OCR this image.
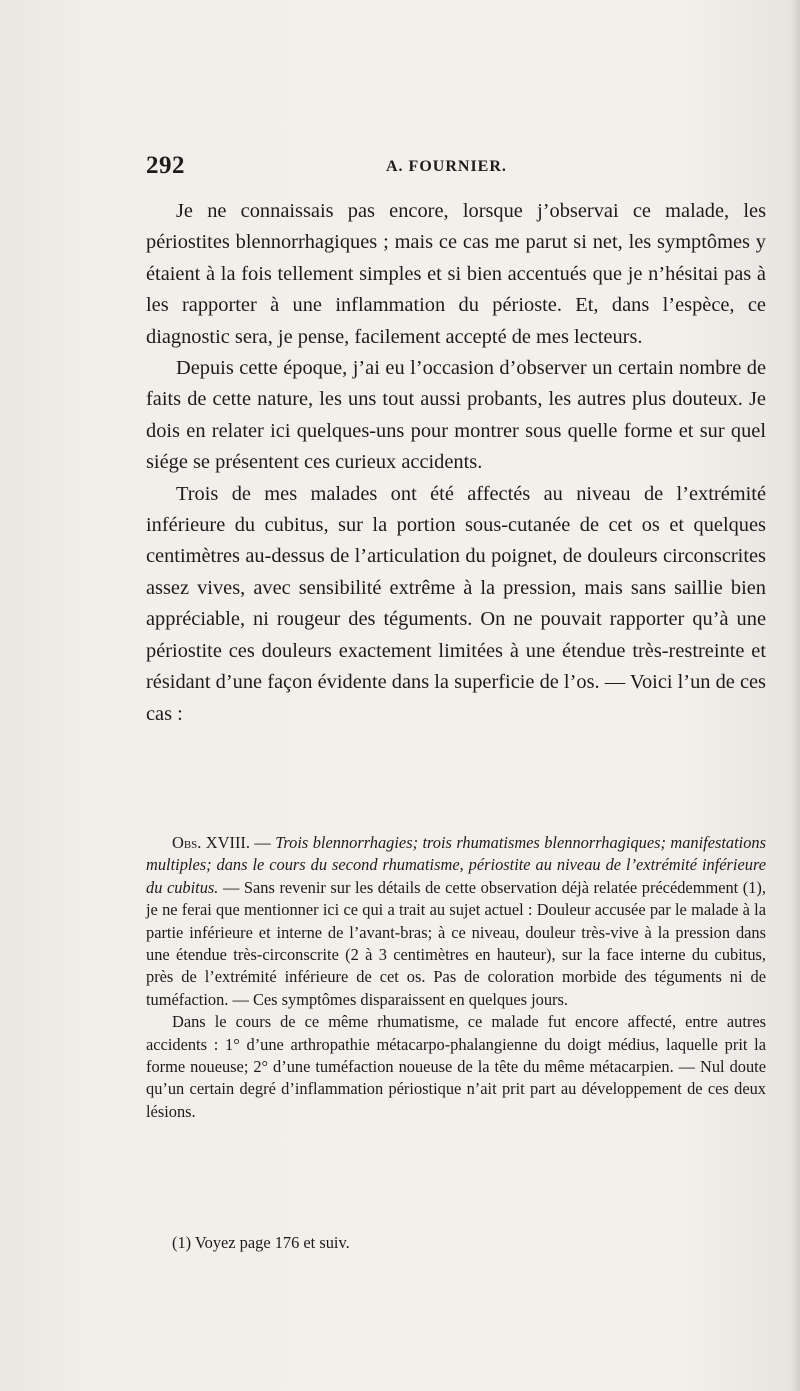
292	A. FOURNIER.

Je ne connaissais pas encore, lorsque j’observai ce malade, les périostites blennorrhagiques ; mais ce cas me parut si net, les symptômes y étaient à la fois tellement simples et si bien accentués que je n’hésitai pas à les rapporter à une inflammation du périoste. Et, dans l’espèce, ce diagnostic sera, je pense, facilement accepté de mes lecteurs.

Depuis cette époque, j’ai eu l’occasion d’observer un certain nombre de faits de cette nature, les uns tout aussi probants, les autres plus douteux. Je dois en relater ici quelques-uns pour montrer sous quelle forme et sur quel siége se présentent ces curieux accidents.

Trois de mes malades ont été affectés au niveau de l’extrémité inférieure du cubitus, sur la portion sous-cutanée de cet os et quelques centimètres au-dessus de l’articulation du poignet, de douleurs circonscrites assez vives, avec sensibilité extrême à la pression, mais sans saillie bien appréciable, ni rougeur des téguments. On ne pouvait rapporter qu’à une périostite ces douleurs exactement limitées à une étendue très-restreinte et résidant d’une façon évidente dans la superficie de l’os. — Voici l’un de ces cas :

Obs. XVIII. — Trois blennorrhagies; trois rhumatismes blennorrhagiques; manifestations multiples; dans le cours du second rhumatisme, périostite au niveau de l’extrémité inférieure du cubitus. — Sans revenir sur les détails de cette observation déjà relatée précédemment (1), je ne ferai que mentionner ici ce qui a trait au sujet actuel : Douleur accusée par le malade à la partie inférieure et interne de l’avant-bras; à ce niveau, douleur très-vive à la pression dans une étendue très-circonscrite (2 à 3 centimètres en hauteur), sur la face interne du cubitus, près de l’extrémité inférieure de cet os. Pas de coloration morbide des téguments ni de tuméfaction. — Ces symptômes disparaissent en quelques jours.

Dans le cours de ce même rhumatisme, ce malade fut encore affecté, entre autres accidents : 1° d’une arthropathie métacarpo-phalangienne du doigt médius, laquelle prit la forme noueuse; 2° d’une tuméfaction noueuse de la tête du même métacarpien. — Nul doute qu’un certain degré d’inflammation périostique n’ait prit part au développement de ces deux lésions.

(1) Voyez page 176 et suiv.
